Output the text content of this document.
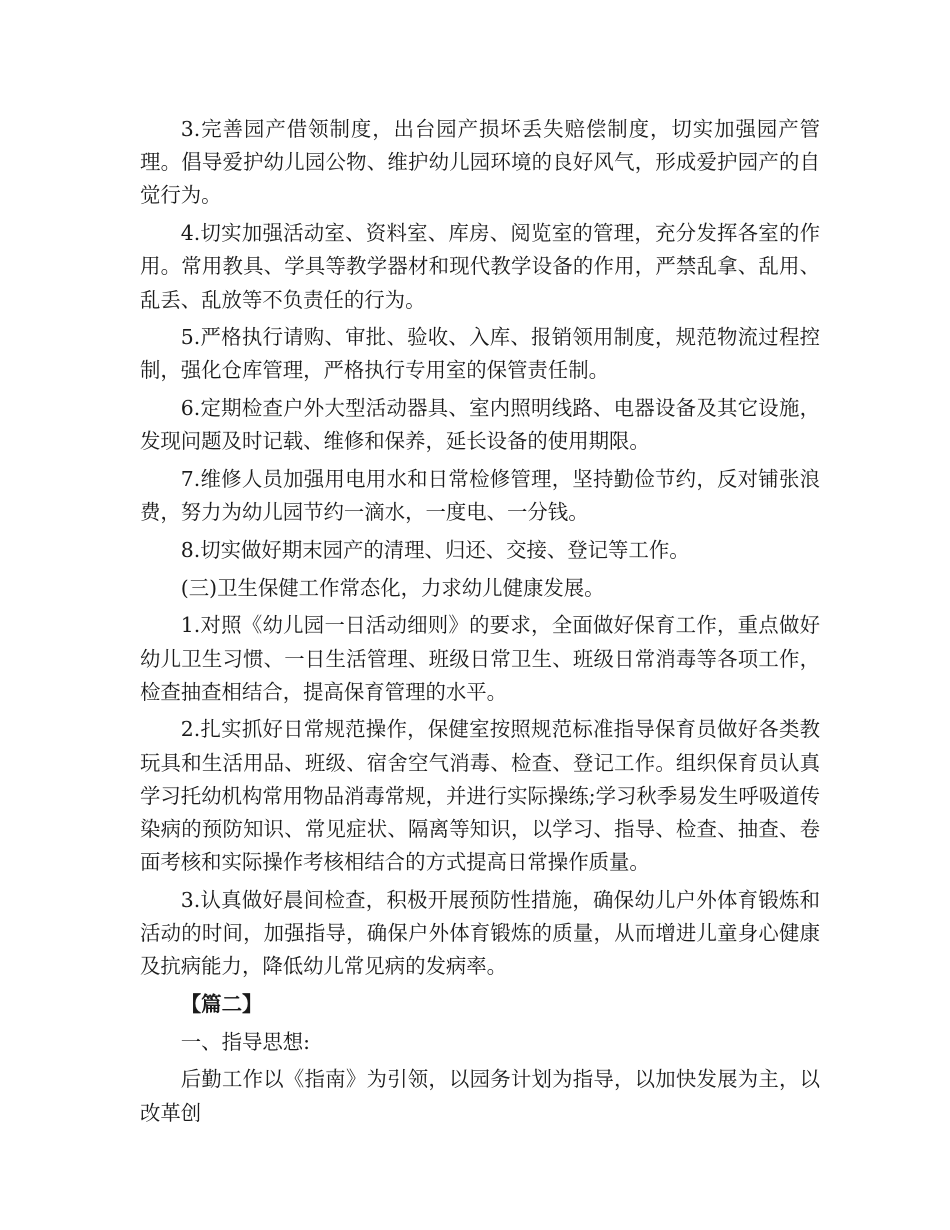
3.完善园产借领制度，出台园产损坏丢失赔偿制度，切实加强园产管理。倡导爱护幼儿园公物、维护幼儿园环境的良好风气，形成爱护园产的自觉行为。

4.切实加强活动室、资料室、库房、阅览室的管理，充分发挥各室的作用。常用教具、学具等教学器材和现代教学设备的作用，严禁乱拿、乱用、乱丢、乱放等不负责任的行为。

5.严格执行请购、审批、验收、入库、报销领用制度，规范物流过程控制，强化仓库管理，严格执行专用室的保管责任制。

6.定期检查户外大型活动器具、室内照明线路、电器设备及其它设施，发现问题及时记载、维修和保养，延长设备的使用期限。

7.维修人员加强用电用水和日常检修管理，坚持勤俭节约，反对铺张浪费，努力为幼儿园节约一滴水，一度电、一分钱。

8.切实做好期末园产的清理、归还、交接、登记等工作。

(三)卫生保健工作常态化，力求幼儿健康发展。

1.对照《幼儿园一日活动细则》的要求，全面做好保育工作，重点做好幼儿卫生习惯、一日生活管理、班级日常卫生、班级日常消毒等各项工作，检查抽查相结合，提高保育管理的水平。

2.扎实抓好日常规范操作，保健室按照规范标准指导保育员做好各类教玩具和生活用品、班级、宿舍空气消毒、检查、登记工作。组织保育员认真学习托幼机构常用物品消毒常规，并进行实际操练;学习秋季易发生呼吸道传染病的预防知识、常见症状、隔离等知识，以学习、指导、检查、抽查、卷面考核和实际操作考核相结合的方式提高日常操作质量。

3.认真做好晨间检查，积极开展预防性措施，确保幼儿户外体育锻炼和活动的时间，加强指导，确保户外体育锻炼的质量，从而增进儿童身心健康及抗病能力，降低幼儿常见病的发病率。

【篇二】

一、指导思想:

后勤工作以《指南》为引领，以园务计划为指导，以加快发展为主，以改革创
